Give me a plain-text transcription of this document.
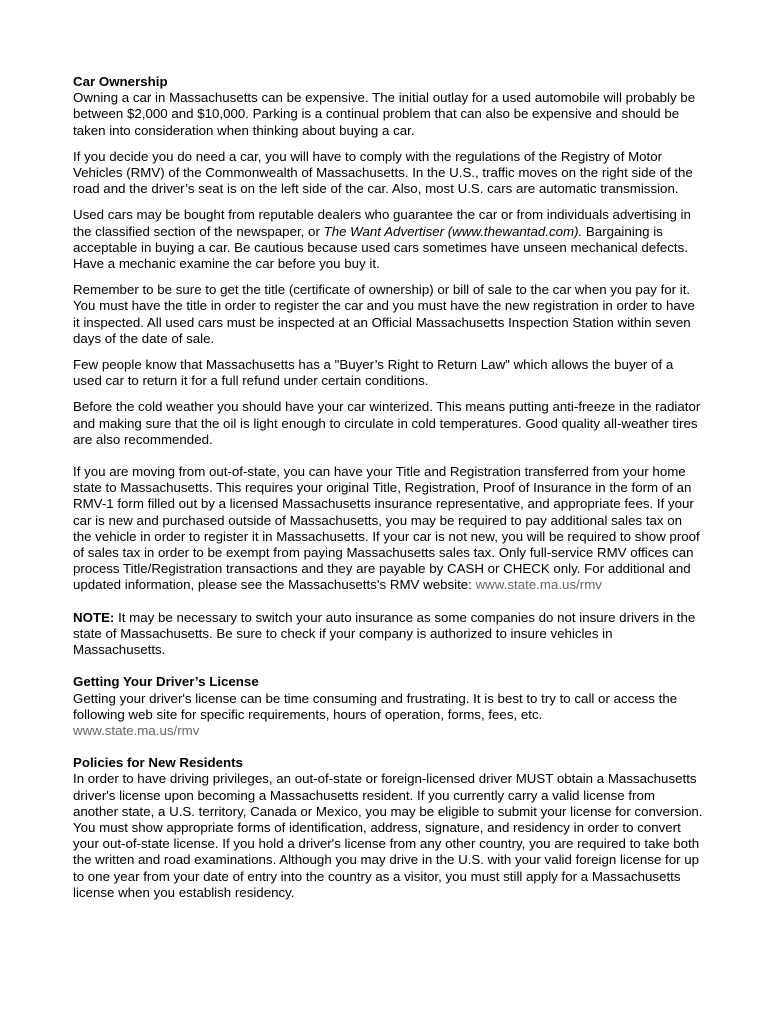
Car Ownership
Owning a car in Massachusetts can be expensive. The initial outlay for a used automobile will probably be between $2,000 and $10,000. Parking is a continual problem that can also be expensive and should be taken into consideration when thinking about buying a car.

If you decide you do need a car, you will have to comply with the regulations of the Registry of Motor Vehicles (RMV) of the Commonwealth of Massachusetts. In the U.S., traffic moves on the right side of the road and the driver’s seat is on the left side of the car. Also, most U.S. cars are automatic transmission.

Used cars may be bought from reputable dealers who guarantee the car or from individuals advertising in the classified section of the newspaper, or The Want Advertiser (www.thewantad.com). Bargaining is acceptable in buying a car. Be cautious because used cars sometimes have unseen mechanical defects. Have a mechanic examine the car before you buy it.

Remember to be sure to get the title (certificate of ownership) or bill of sale to the car when you pay for it. You must have the title in order to register the car and you must have the new registration in order to have it inspected. All used cars must be inspected at an Official Massachusetts Inspection Station within seven days of the date of sale.

Few people know that Massachusetts has a "Buyer’s Right to Return Law" which allows the buyer of a used car to return it for a full refund under certain conditions.

Before the cold weather you should have your car winterized. This means putting anti-freeze in the radiator and making sure that the oil is light enough to circulate in cold temperatures. Good quality all-weather tires are also recommended.

If you are moving from out-of-state, you can have your Title and Registration transferred from your home state to Massachusetts. This requires your original Title, Registration, Proof of Insurance in the form of an RMV-1 form filled out by a licensed Massachusetts insurance representative, and appropriate fees. If your car is new and purchased outside of Massachusetts, you may be required to pay additional sales tax on the vehicle in order to register it in Massachusetts. If your car is not new, you will be required to show proof of sales tax in order to be exempt from paying Massachusetts sales tax. Only full-service RMV offices can process Title/Registration transactions and they are payable by CASH or CHECK only. For additional and updated information, please see the Massachusetts’s RMV website: www.state.ma.us/rmv

NOTE: It may be necessary to switch your auto insurance as some companies do not insure drivers in the state of Massachusetts. Be sure to check if your company is authorized to insure vehicles in Massachusetts.

Getting Your Driver’s License
Getting your driver's license can be time consuming and frustrating. It is best to try to call or access the following web site for specific requirements, hours of operation, forms, fees, etc.
www.state.ma.us/rmv

Policies for New Residents
In order to have driving privileges, an out-of-state or foreign-licensed driver MUST obtain a Massachusetts driver's license upon becoming a Massachusetts resident. If you currently carry a valid license from another state, a U.S. territory, Canada or Mexico, you may be eligible to submit your license for conversion. You must show appropriate forms of identification, address, signature, and residency in order to convert your out-of-state license. If you hold a driver's license from any other country, you are required to take both the written and road examinations. Although you may drive in the U.S. with your valid foreign license for up to one year from your date of entry into the country as a visitor, you must still apply for a Massachusetts license when you establish residency.
